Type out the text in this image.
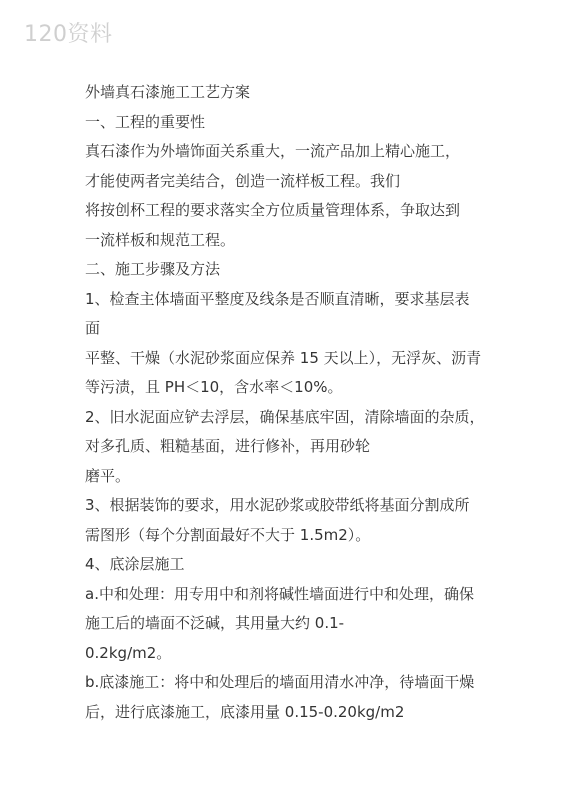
120资料
外墙真石漆施工工艺方案
一、工程的重要性
真石漆作为外墙饰面关系重大，一流产品加上精心施工，
才能使两者完美结合，创造一流样板工程。我们
将按创杯工程的要求落实全方位质量管理体系，争取达到
一流样板和规范工程。
二、施工步骤及方法
1、检查主体墙面平整度及线条是否顺直清晰，要求基层表
面
平整、干燥（水泥砂浆面应保养 15 天以上），无浮灰、沥青
等污渍，且 PH＜10，含水率＜10%。
2、旧水泥面应铲去浮层，确保基底牢固，清除墙面的杂质，
对多孔质、粗糙基面，进行修补，再用砂轮
磨平。
3、根据装饰的要求，用水泥砂浆或胶带纸将基面分割成所
需图形（每个分割面最好不大于 1.5m2）。
4、底涂层施工
a.中和处理：用专用中和剂将碱性墙面进行中和处理，确保
施工后的墙面不泛碱，其用量大约 0.1-
0.2kg/m2。
b.底漆施工：将中和处理后的墙面用清水冲净，待墙面干燥
后，进行底漆施工，底漆用量 0.15-0.20kg/m2
